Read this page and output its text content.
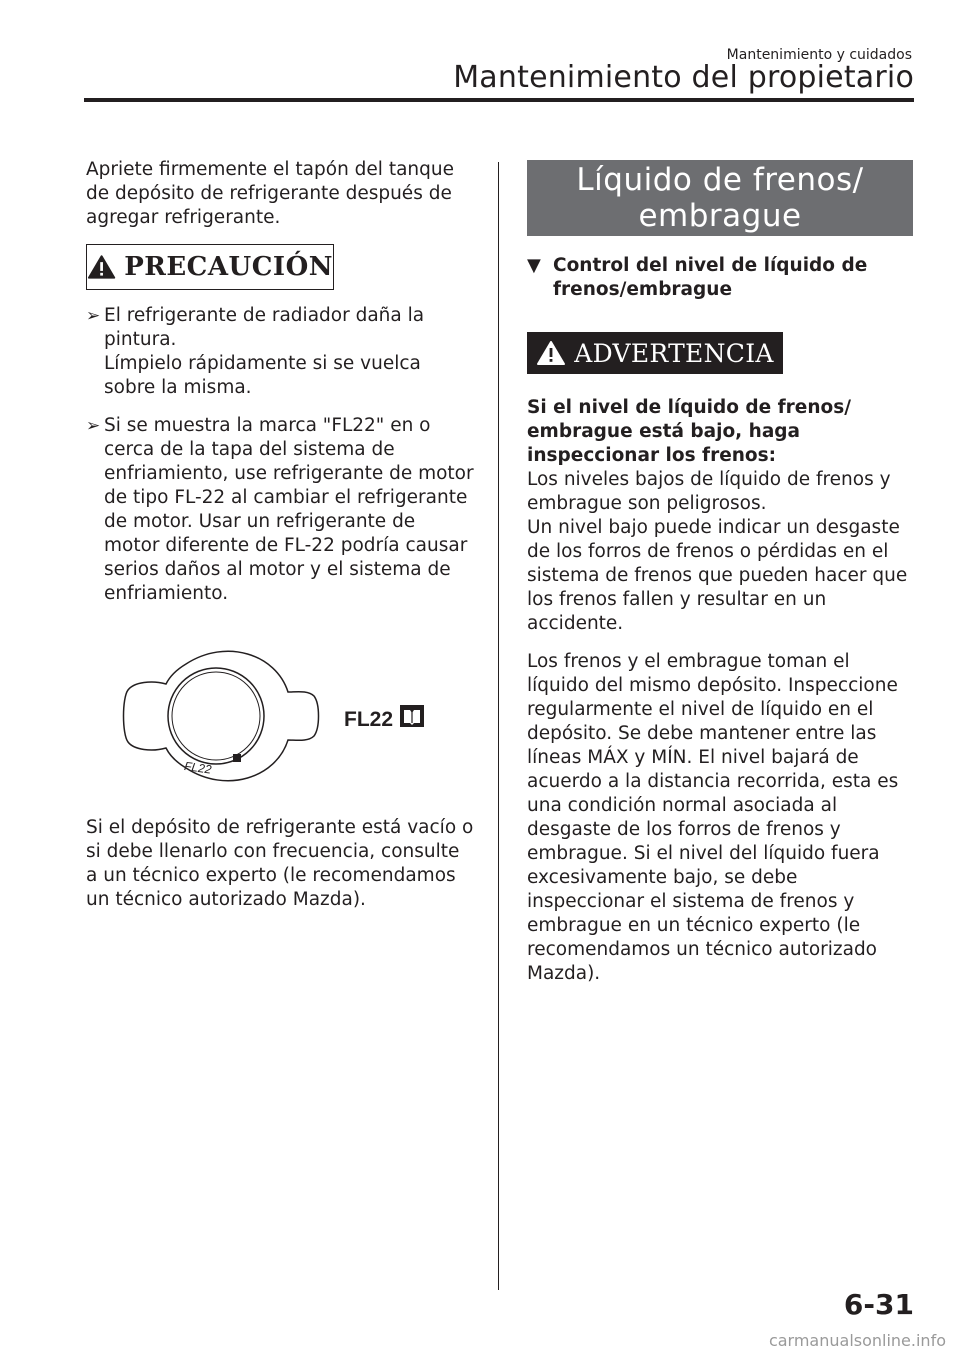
Mantenimiento y cuidados
Mantenimiento del propietario

Apriete firmemente el tapón del tanque de depósito de refrigerante después de agregar refrigerante.

PRECAUCIÓN
➢ El refrigerante de radiador daña la pintura.

Límpielo rápidamente si se vuelca sobre la misma.

➢ Si se muestra la marca "FL22" en o cerca de la tapa del sistema de enfriamiento, use refrigerante de motor de tipo FL-22 al cambiar el refrigerante de motor. Usar un refrigerante de motor diferente de FL-22 podría causar serios daños al motor y el sistema de enfriamiento.

FL22
FL22

Si el depósito de refrigerante está vacío o si debe llenarlo con frecuencia, consulte a un técnico experto (le recomendamos un técnico autorizado Mazda).

Líquido de frenos/
embrague
▼ Control del nivel de líquido de frenos/embrague
ADVERTENCIA

Si el nivel de líquido de frenos/ embrague está bajo, haga inspeccionar los frenos:

Los niveles bajos de líquido de frenos y embrague son peligrosos.

Un nivel bajo puede indicar un desgaste de los forros de frenos o pérdidas en el sistema de frenos que pueden hacer que los frenos fallen y resultar en un accidente.

Los frenos y el embrague toman el líquido del mismo depósito. Inspeccione regularmente el nivel de líquido en el depósito. Se debe mantener entre las líneas MÁX y MÍN. El nivel bajará de acuerdo a la distancia recorrida, esta es una condición normal asociada al desgaste de los forros de frenos y embrague. Si el nivel del líquido fuera excesivamente bajo, se debe inspeccionar el sistema de frenos y embrague en un técnico experto (le recomendamos un técnico autorizado Mazda).

6-31
carmanualsonline.info
